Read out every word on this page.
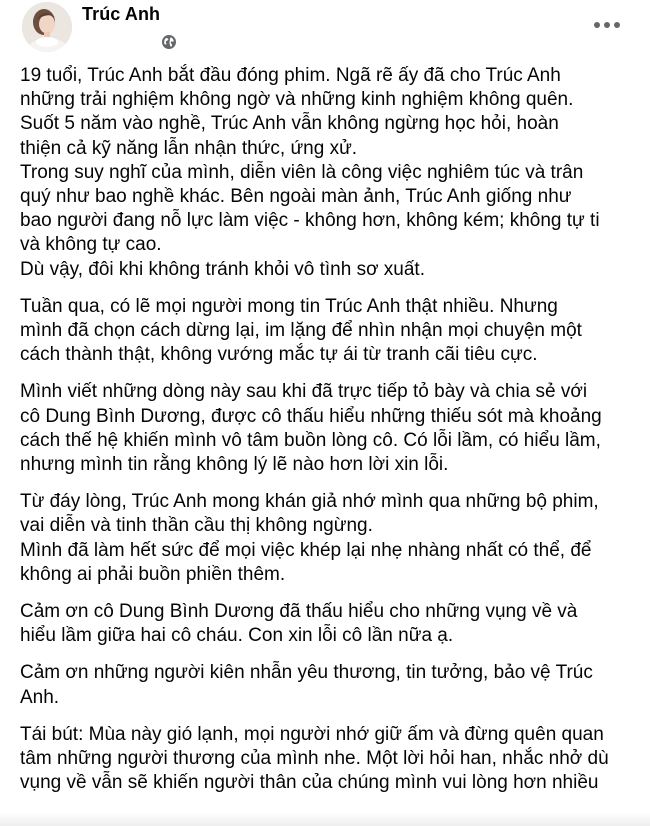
Trúc Anh
19 tuổi, Trúc Anh bắt đầu đóng phim. Ngã rẽ ấy đã cho Trúc Anh
những trải nghiệm không ngờ và những kinh nghiệm không quên.
Suốt 5 năm vào nghề, Trúc Anh vẫn không ngừng học hỏi, hoàn
thiện cả kỹ năng lẫn nhận thức, ứng xử.
Trong suy nghĩ của mình, diễn viên là công việc nghiêm túc và trân
quý như bao nghề khác. Bên ngoài màn ảnh, Trúc Anh giống như
bao người đang nỗ lực làm việc - không hơn, không kém; không tự ti
và không tự cao.
Dù vậy, đôi khi không tránh khỏi vô tình sơ xuất.
Tuần qua, có lẽ mọi người mong tin Trúc Anh thật nhiều. Nhưng
mình đã chọn cách dừng lại, im lặng để nhìn nhận mọi chuyện một
cách thành thật, không vướng mắc tự ái từ tranh cãi tiêu cực.
Mình viết những dòng này sau khi đã trực tiếp tỏ bày và chia sẻ với
cô Dung Bình Dương, được cô thấu hiểu những thiếu sót mà khoảng
cách thế hệ khiến mình vô tâm buồn lòng cô. Có lỗi lầm, có hiểu lầm,
nhưng mình tin rằng không lý lẽ nào hơn lời xin lỗi.
Từ đáy lòng, Trúc Anh mong khán giả nhớ mình qua những bộ phim,
vai diễn và tinh thần cầu thị không ngừng.
Mình đã làm hết sức để mọi việc khép lại nhẹ nhàng nhất có thể, để
không ai phải buồn phiền thêm.
Cảm ơn cô Dung Bình Dương đã thấu hiểu cho những vụng về và
hiểu lầm giữa hai cô cháu. Con xin lỗi cô lần nữa ạ.
Cảm ơn những người kiên nhẫn yêu thương, tin tưởng, bảo vệ Trúc
Anh.
Tái bút: Mùa này gió lạnh, mọi người nhớ giữ ấm và đừng quên quan
tâm những người thương của mình nhe. Một lời hỏi han, nhắc nhở dù
vụng về vẫn sẽ khiến người thân của chúng mình vui lòng hơn nhiều
